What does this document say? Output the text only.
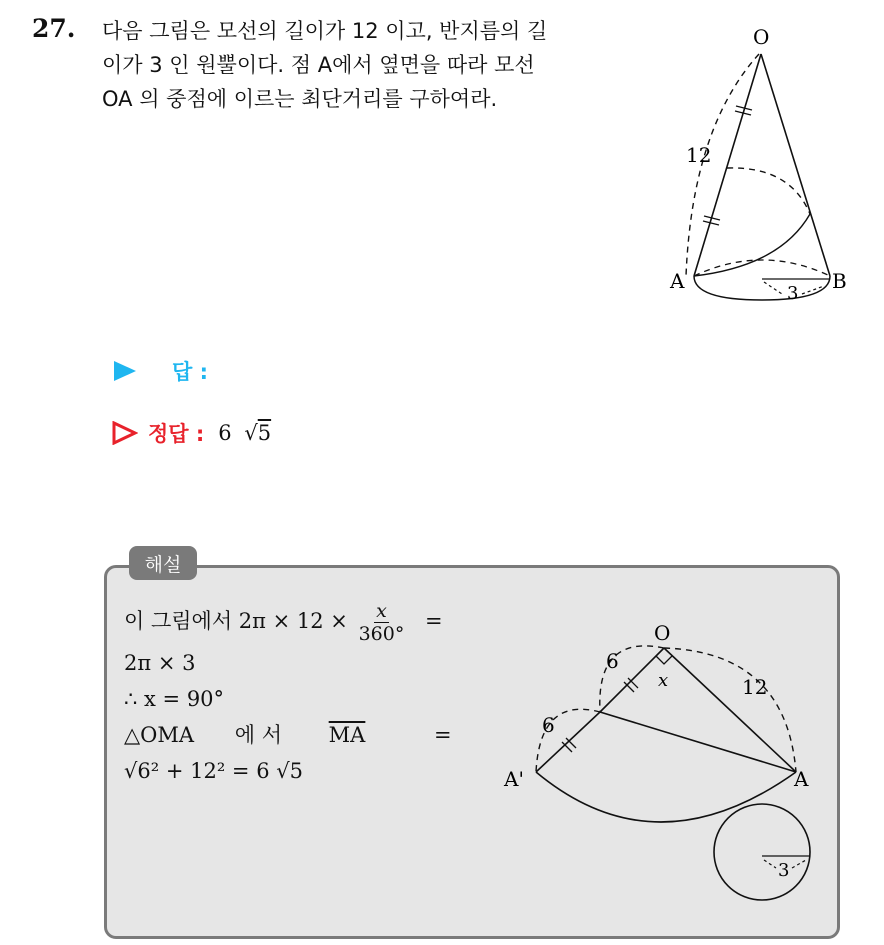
27. 다음 그림은 모선의 길이가 12 이고, 반지름의 길
이가 3 인 원뿔이다. 점 A에서 옆면을 따라 모선
OA 의 중점에 이르는 최단거리를 구하여라.
O
12
3
A	B
답 :
정답 : 6 √5
해설
이 그림에서 $2\pi \times 12 \times \frac{x}{360^\circ}$ =
2π × 3
∴ x = 90°
△OMA 에 서 $\overline{MA}$	=
√6² + 12² = 6 √5
O
6
6
x	12
A'	A
3
